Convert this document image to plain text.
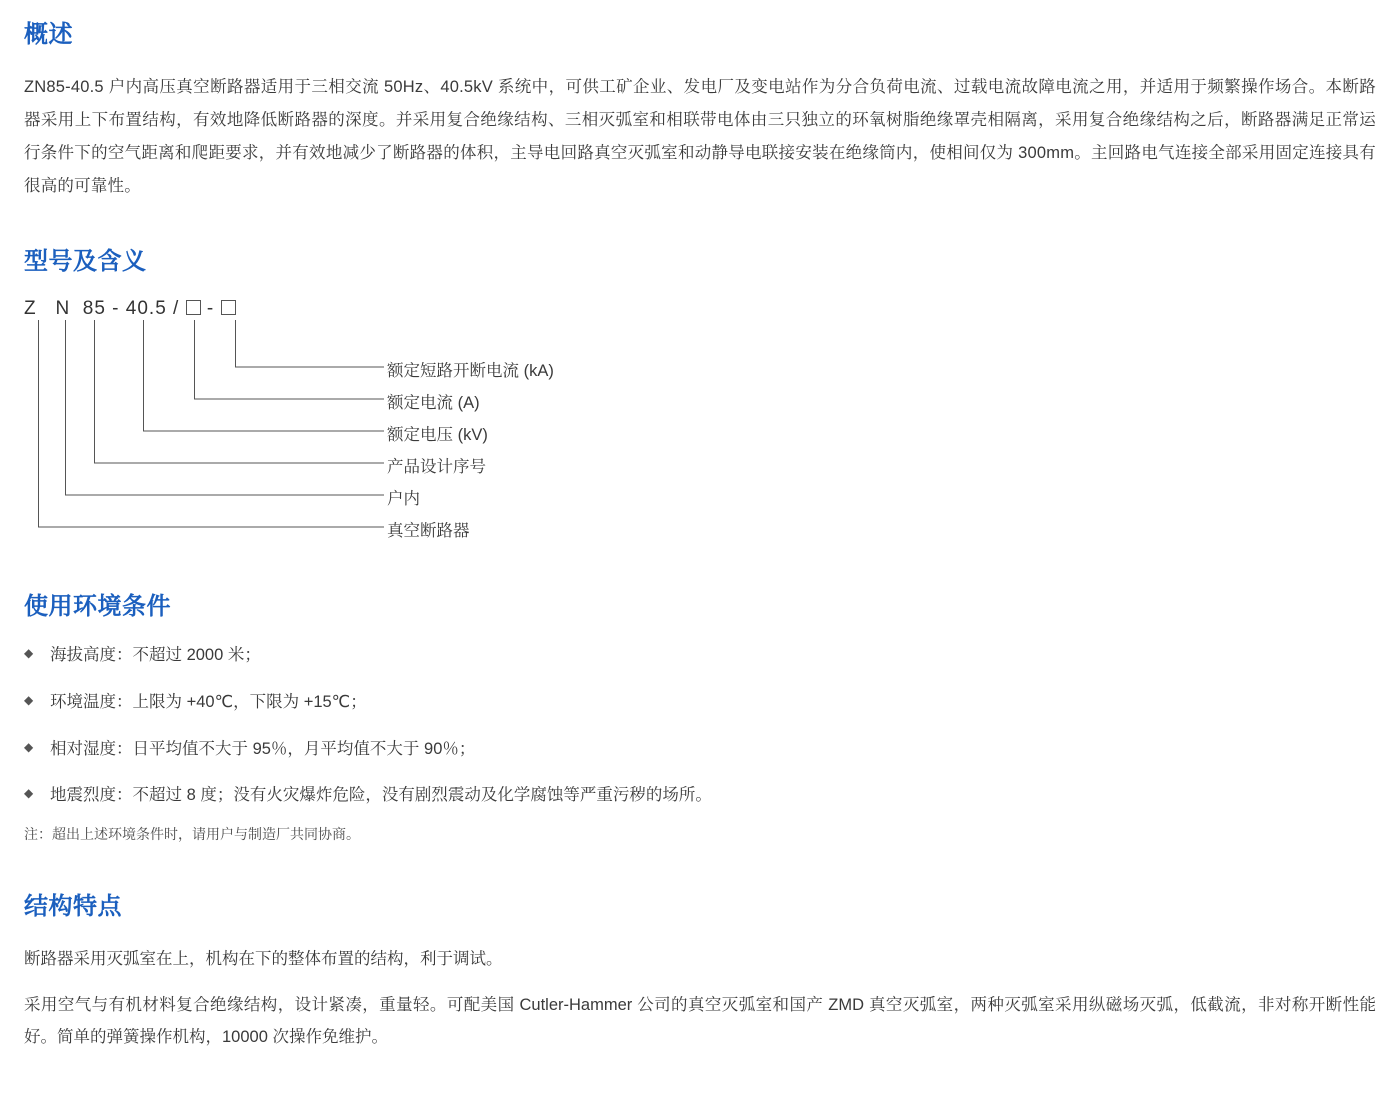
概述

ZN85-40.5 户内高压真空断路器适用于三相交流 50Hz、40.5kV 系统中，可供工矿企业、发电厂及变电站作为分合负荷电流、过载电流故障电流之用，并适用于频繁操作场合。本断路器采用上下布置结构，有效地降低断路器的深度。并采用复合绝缘结构、三相灭弧室和相联带电体由三只独立的环氧树脂绝缘罩壳相隔离，采用复合绝缘结构之后，断路器满足正常运行条件下的空气距离和爬距要求，并有效地减少了断路器的体积，主导电回路真空灭弧室和动静导电联接安装在绝缘筒内，使相间仅为 300mm。主回路电气连接全部采用固定连接具有很高的可靠性。

型号及含义
Z N 85 - 40.5 / -
额定短路开断电流 (kA)
额定电流 (A)
额定电压 (kV)
产品设计序号
户内
真空断路器
使用环境条件
◆ 海拔高度：不超过 2000 米；
◆ 环境温度：上限为 +40℃，下限为 +15℃；
◆ 相对湿度：日平均值不大于 95％，月平均值不大于 90％；
◆ 地震烈度：不超过 8 度；没有火灾爆炸危险，没有剧烈震动及化学腐蚀等严重污秽的场所。
注：超出上述环境条件时，请用户与制造厂共同协商。
结构特点

断路器采用灭弧室在上，机构在下的整体布置的结构，利于调试。

采用空气与有机材料复合绝缘结构，设计紧凑，重量轻。可配美国 Cutler-Hammer 公司的真空灭弧室和国产 ZMD 真空灭弧室，两种灭弧室采用纵磁场灭弧，低截流，非对称开断性能好。简单的弹簧操作机构，10000 次操作免维护。
